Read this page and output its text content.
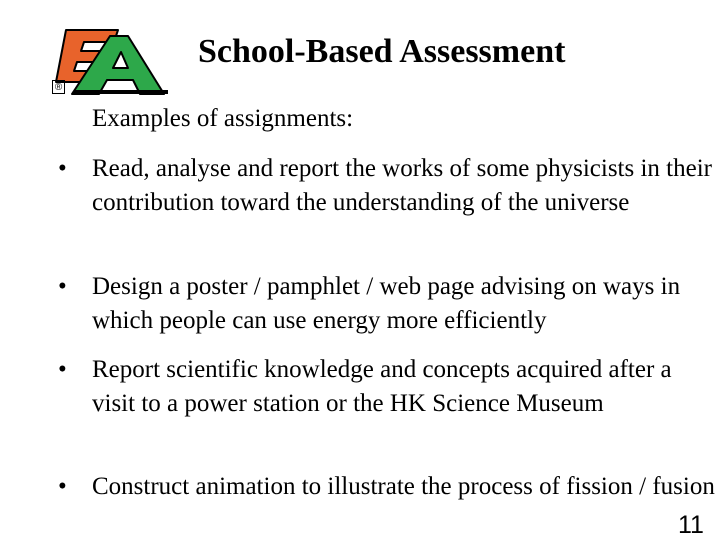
®
School-Based Assessment
Examples of assignments:
• Read, analyse and report the works of some physicists in their contribution toward the understanding of the universe
• Design a poster / pamphlet / web page advising on ways in which people can use energy more efficiently
• Report scientific knowledge and concepts acquired after a visit to a power station or the HK Science Museum
• Construct animation to illustrate the process of fission / fusion
11
